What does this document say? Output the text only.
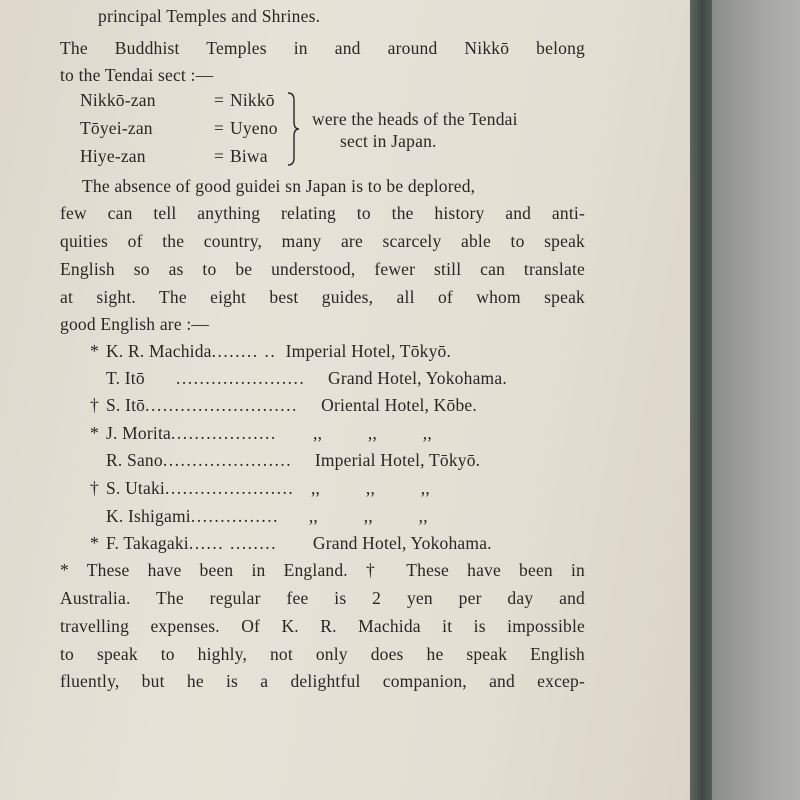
principal Temples and Shrines.
The Buddhist Temples in and around Nikkō belong
to the Tendai sect :—
Nikkō-zan	= Nikkō
Tōyei-zan	= Uyeno
Hiye-zan	= Biwa
were the heads of the Tendai
sect in Japan.
The absence of good guidei sn Japan is to be deplored,
few can tell anything relating to the history and anti-
quities of the country, many are scarcely able to speak
English so as to be understood, fewer still can translate
at sight. The eight best guides, all of whom speak
good English are :—
* K. R. Machida........ .. Imperial Hotel, Tōkyō.
T. Itō ...................... Grand Hotel, Yokohama.
† S. Itō.......................... Oriental Hotel, Kōbe.
* J. Morita.................. ,,          ,,          ,,
R. Sano...................... Imperial Hotel, Tōkyō.
† S. Utaki...................... ,,          ,,          ,,
K. Ishigami............... ,,          ,,          ,,
* F. Takagaki...... ........ Grand Hotel, Yokohama.
* These have been in England. † These have been in
Australia. The regular fee is 2 yen per day and
travelling expenses. Of K. R. Machida it is impossible
to speak to highly, not only does he speak English
fluently, but he is a delightful companion, and excep-
